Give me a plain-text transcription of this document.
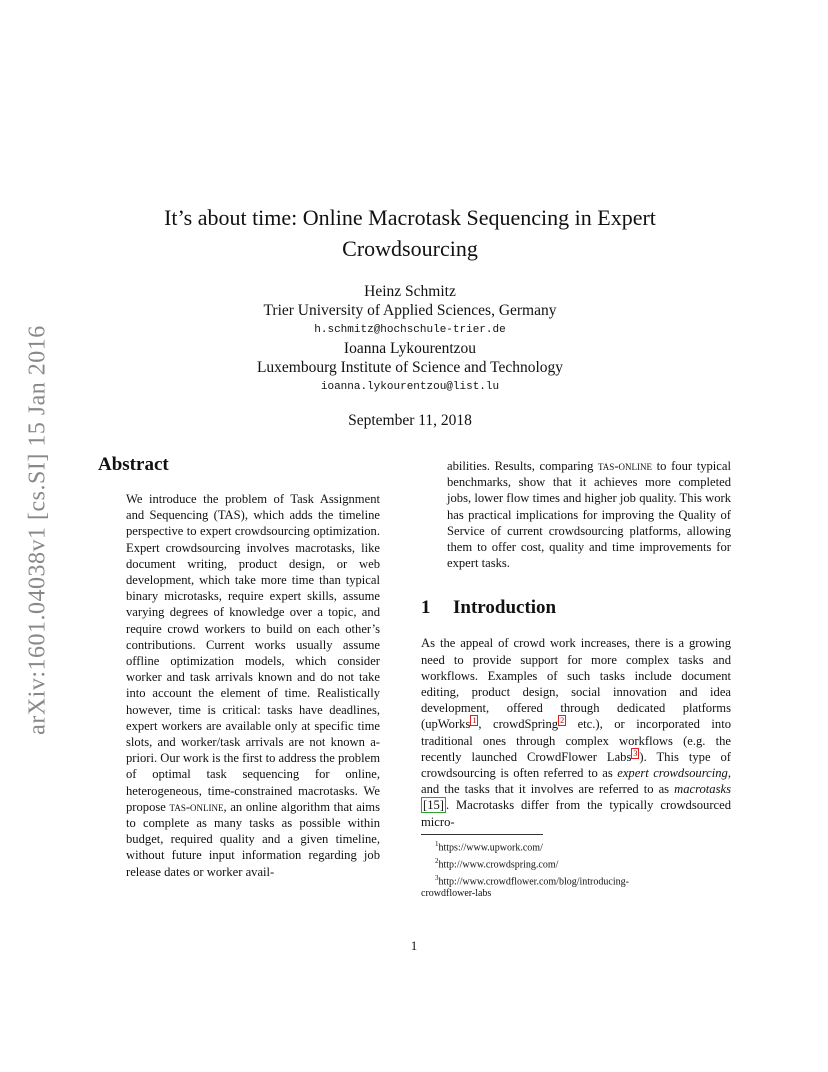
arXiv:1601.04038v1 [cs.SI] 15 Jan 2016
It’s about time: Online Macrotask Sequencing in Expert
Crowdsourcing
Heinz Schmitz
Trier University of Applied Sciences, Germany
h.schmitz@hochschule-trier.de
Ioanna Lykourentzou
Luxembourg Institute of Science and Technology
ioanna.lykourentzou@list.lu
September 11, 2018
Abstract
We introduce the problem of Task Assignment and Sequencing (TAS), which adds the timeline perspective to expert crowdsourcing optimization. Expert crowdsourcing involves macrotasks, like document writing, product design, or web development, which take more time than typical binary microtasks, require expert skills, assume varying degrees of knowledge over a topic, and require crowd workers to build on each other’s contributions. Current works usually assume offline optimization models, which consider worker and task arrivals known and do not take into account the element of time. Realistically however, time is critical: tasks have deadlines, expert workers are available only at specific time slots, and worker/task arrivals are not known a-priori. Our work is the first to address the problem of optimal task sequencing for online, heterogeneous, time-constrained macrotasks. We propose tas-online, an online algorithm that aims to complete as many tasks as possible within budget, required quality and a given timeline, without future input information regarding job release dates or worker avail-
abilities. Results, comparing tas-online to four typical benchmarks, show that it achieves more completed jobs, lower flow times and higher job quality. This work has practical implications for improving the Quality of Service of current crowdsourcing platforms, allowing them to offer cost, quality and time improvements for expert tasks.
1 Introduction
As the appeal of crowd work increases, there is a growing need to provide support for more complex tasks and workflows. Examples of such tasks include document editing, product design, social innovation and idea development, offered through dedicated platforms (upWorks $^1$ , crowdSpring $^2$ etc.), or incorporated into traditional ones through complex workflows (e.g. the recently launched CrowdFlower Labs $^3$ ). This type of crowdsourcing is often referred to as expert crowdsourcing, and the tasks that it involves are referred to as macrotasks [15] . Macrotasks differ from the typically crowdsourced micro-
$^1$https://www.upwork.com/
$^2$http://www.crowdspring.com/
$^3$http://www.crowdflower.com/blog/introducing-
crowdflower-labs
1
